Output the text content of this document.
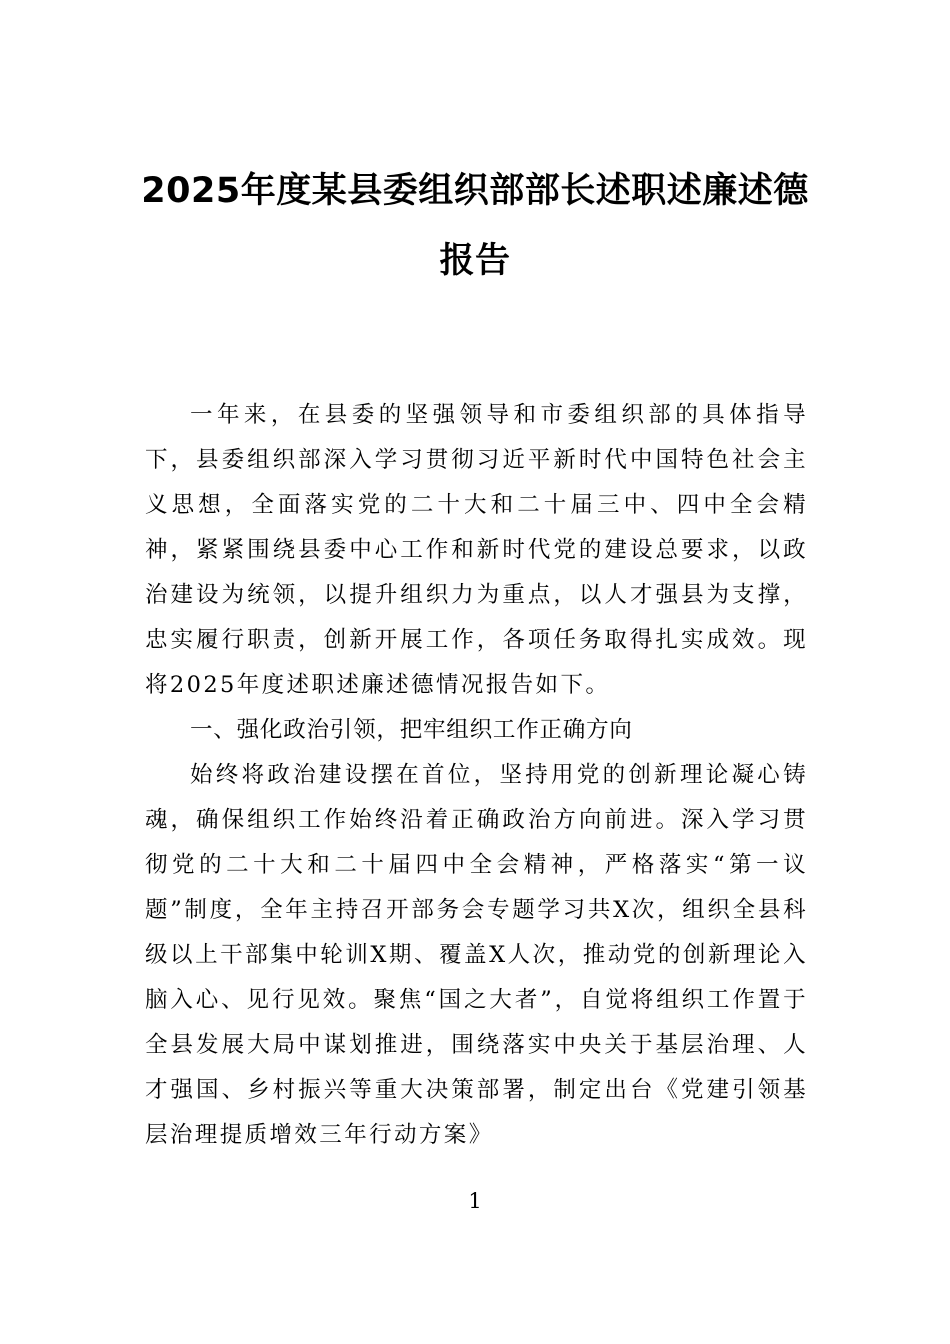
2025年度某县委组织部部长述职述廉述德
报告

一年来，在县委的坚强领导和市委组织部的具体指导下，县委组织部深入学习贯彻习近平新时代中国特色社会主义思想，全面落实党的二十大和二十届三中、四中全会精神，紧紧围绕县委中心工作和新时代党的建设总要求，以政治建设为统领，以提升组织力为重点，以人才强县为支撑，忠实履行职责，创新开展工作，各项任务取得扎实成效。现将2025年度述职述廉述德情况报告如下。

一、强化政治引领，把牢组织工作正确方向

始终将政治建设摆在首位，坚持用党的创新理论凝心铸魂，确保组织工作始终沿着正确政治方向前进。深入学习贯彻党的二十大和二十届四中全会精神，严格落实“第一议题”制度，全年主持召开部务会专题学习共X次，组织全县科级以上干部集中轮训X期、覆盖X人次，推动党的创新理论入脑入心、见行见效。聚焦“国之大者”，自觉将组织工作置于全县发展大局中谋划推进，围绕落实中央关于基层治理、人才强国、乡村振兴等重大决策部署，制定出台《党建引领基层治理提质增效三年行动方案》

1
